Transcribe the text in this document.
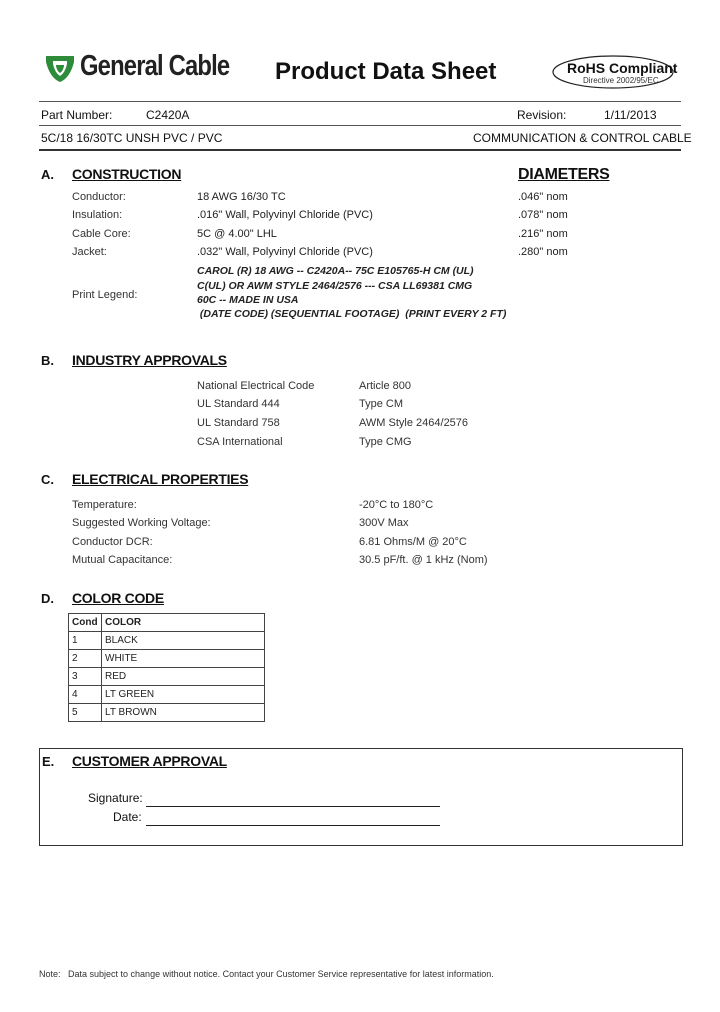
General Cable Product Data Sheet	RoHS Compliant
Directive 2002/95/EC
Part Number:	C2420A	Revision:	1/11/2013
5C/18 16/30TC UNSH PVC / PVC	COMMUNICATION & CONTROL CABLE
A. CONSTRUCTION	DIAMETERS
Conductor:	18 AWG 16/30 TC	.046" nom
Insulation:	.016" Wall, Polyvinyl Chloride (PVC)	.078" nom
Cable Core:	5C @ 4.00" LHL	.216" nom
Jacket:	.032" Wall, Polyvinyl Chloride (PVC)	.280" nom
Print Legend:
CAROL (R) 18 AWG -- C2420A-- 75C E105765-H CM (UL)
C(UL) OR AWM STYLE 2464/2576 --- CSA LL69381 CMG
60C -- MADE IN USA
(DATE CODE) (SEQUENTIAL FOOTAGE)  (PRINT EVERY 2 FT)
B. INDUSTRY APPROVALS
National Electrical Code	Article 800
UL Standard 444	Type CM
UL Standard 758	AWM Style 2464/2576
CSA International	Type CMG
C. ELECTRICAL PROPERTIES
Temperature:	-20°C to 180°C
Suggested Working Voltage:	300V Max
Conductor DCR:	6.81 Ohms/M @ 20°C
Mutual Capacitance:	30.5 pF/ft. @ 1 kHz (Nom)
D. COLOR CODE
Cond	COLOR
1	BLACK
2	WHITE
3	RED
4	LT GREEN
5	LT BROWN
E. CUSTOMER APPROVAL
Signature:
Date:
Note:   Data subject to change without notice. Contact your Customer Service representative for latest information.
